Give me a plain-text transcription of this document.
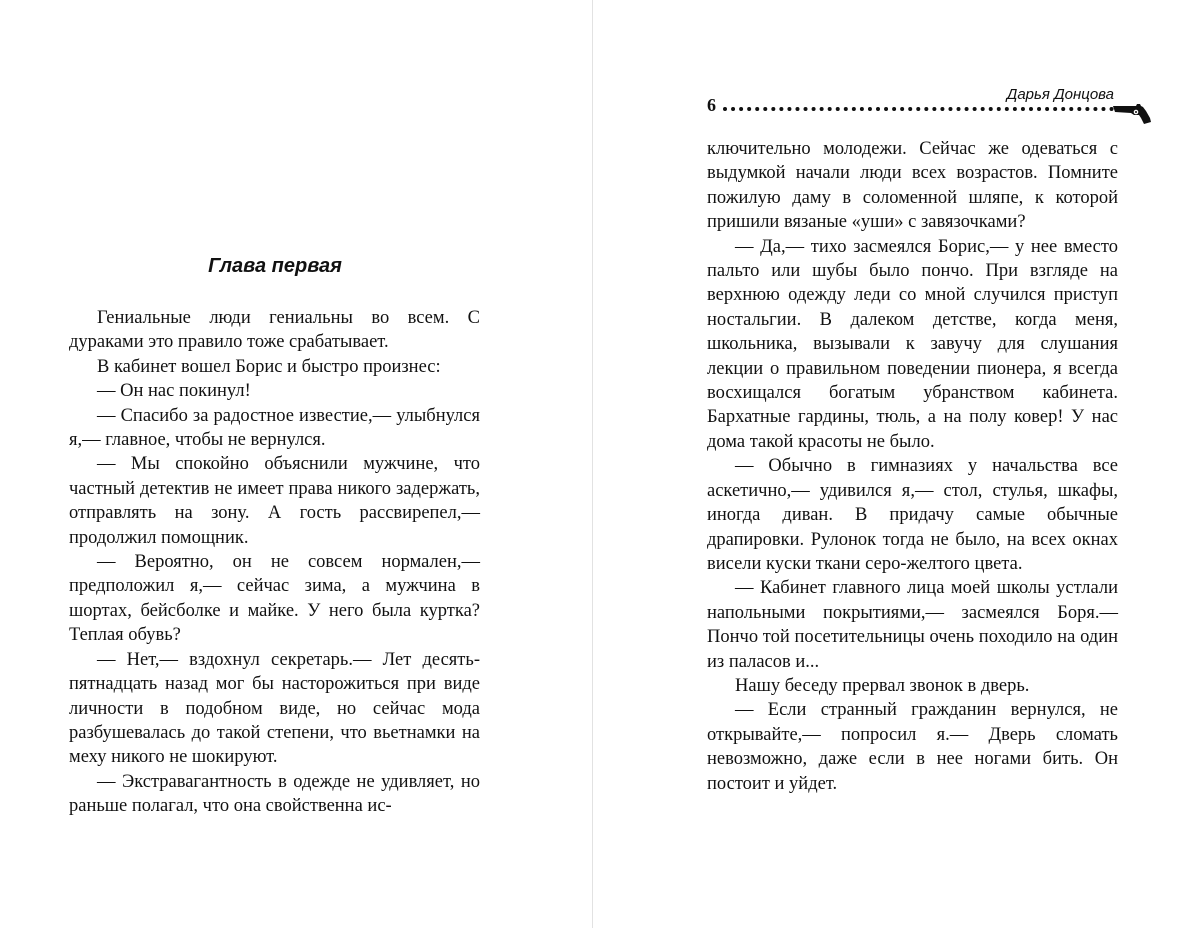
Глава первая

Гениальные люди гениальны во всем. С дураками это правило тоже срабатывает.

В кабинет вошел Борис и быстро произнес:

— Он нас покинул!

— Спасибо за радостное известие,— улыбнулся я,— главное, чтобы не вернулся.

— Мы спокойно объяснили мужчине, что частный детектив не имеет права никого задержать, отправлять на зону. А гость рассвирепел,— продолжил помощник.

— Вероятно, он не совсем нормален,— предположил я,— сейчас зима, а мужчина в шортах, бейсболке и майке. У него была куртка? Теплая обувь?

— Нет,— вздохнул секретарь.— Лет десять-пятнадцать назад мог бы насторожиться при виде личности в подобном виде, но сейчас мода разбушевалась до такой степени, что вьетнамки на меху никого не шокируют.

— Экстравагантность в одежде не удивляет, но раньше полагал, что она свойственна ис-

Дарья Донцова
6

ключительно молодежи. Сейчас же одеваться с выдумкой начали люди всех возрастов. Помните пожилую даму в соломенной шляпе, к которой пришили вязаные «уши» с завязочками?

— Да,— тихо засмеялся Борис,— у нее вместо пальто или шубы было пончо. При взгляде на верхнюю одежду леди со мной случился приступ ностальгии. В далеком детстве, когда меня, школьника, вызывали к завучу для слушания лекции о правильном поведении пионера, я всегда восхищался богатым убранством кабинета. Бархатные гардины, тюль, а на полу ковер! У нас дома такой красоты не было.

— Обычно в гимназиях у начальства все аскетично,— удивился я,— стол, стулья, шкафы, иногда диван. В придачу самые обычные драпировки. Рулонок тогда не было, на всех окнах висели куски ткани серо-желтого цвета.

— Кабинет главного лица моей школы устлали напольными покрытиями,— засмеялся Боря.— Пончо той посетительницы очень походило на один из паласов и...

Нашу беседу прервал звонок в дверь.

— Если странный гражданин вернулся, не открывайте,— попросил я.— Дверь сломать невозможно, даже если в нее ногами бить. Он постоит и уйдет.
